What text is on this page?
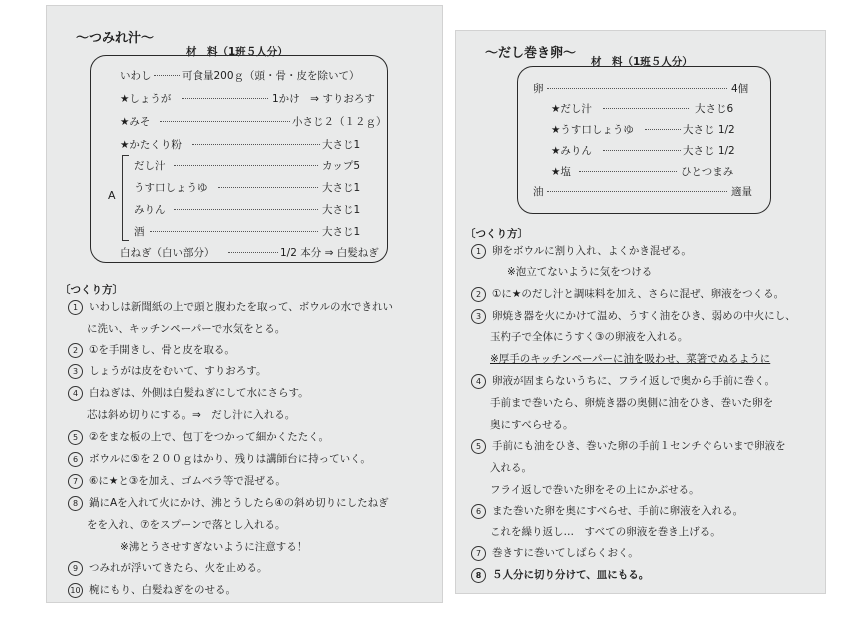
～つみれ汁～
材　料（1班５人分）
いわし	可食量200ｇ（頭・骨・皮を除いて）
★しょうが	1かけ　⇒ すりおろす
★みそ	小さじ２（１２ｇ）
★かたくり粉	大さじ1
A
だし汁	カップ5
うす口しょうゆ	大さじ1
みりん	大さじ1
酒	大さじ1
白ねぎ（白い部分）	1/2 本分 ⇒ 白髪ねぎ
〔つくり方〕
1 いわしは新聞紙の上で頭と腹わたを取って、ボウルの水できれい
に洗い、キッチンペーパーで水気をとる。
2 ①を手開きし、骨と皮を取る。
3 しょうがは皮をむいて、すりおろす。
4 白ねぎは、外側は白髪ねぎにして水にさらす。
芯は斜め切りにする。⇒　だし汁に入れる。
5 ②をまな板の上で、包丁をつかって細かくたたく。
6 ボウルに⑤を２００ｇはかり、残りは講師台に持っていく。
7 ⑥に★と③を加え、ゴムベラ等で混ぜる。
8 鍋にAを入れて火にかけ、沸とうしたら④の斜め切りにしたねぎ
をを入れ、⑦をスプーンで落とし入れる。
※沸とうさせすぎないように注意する！
9 つみれが浮いてきたら、火を止める。
10 椀にもり、白髪ねぎをのせる。
～だし巻き卵～
材　料（1班５人分）
卵	4個
★だし汁	大さじ6
★うす口しょうゆ	大さじ 1/2
★みりん	大さじ 1/2
★塩	ひとつまみ
油	適量
〔つくり方〕
1 卵をボウルに割り入れ、よくかき混ぜる。
※泡立てないように気をつける
2 ①に★のだし汁と調味料を加え、さらに混ぜ、卵液をつくる。
3 卵焼き器を火にかけて温め、うすく油をひき、弱めの中火にし、
玉杓子で全体にうすく③の卵液を入れる。
※厚手のキッチンペーパーに油を吸わせ、菜箸でぬるように
4 卵液が固まらないうちに、フライ返しで奥から手前に巻く。
手前まで巻いたら、卵焼き器の奥側に油をひき、巻いた卵を
奥にすべらせる。
5 手前にも油をひき、巻いた卵の手前１センチぐらいまで卵液を
入れる。
フライ返しで巻いた卵をその上にかぶせる。
6 また巻いた卵を奥にすべらせ、手前に卵液を入れる。
これを繰り返し…　すべての卵液を巻き上げる。
7 巻きすに巻いてしばらくおく。
8 ５人分に切り分けて、皿にもる。
